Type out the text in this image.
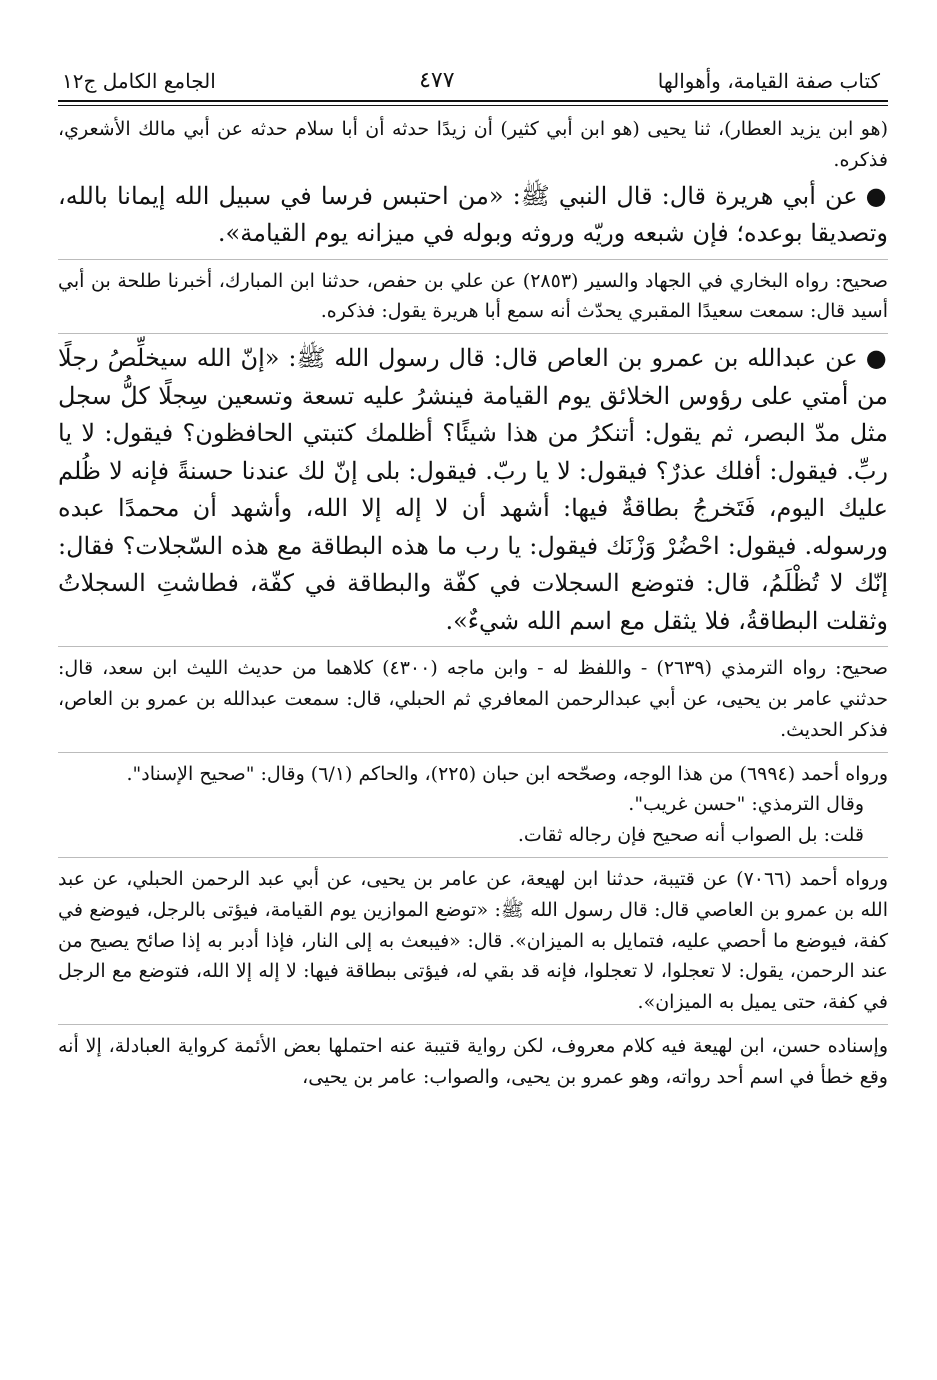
كتاب صفة القيامة، وأهوالها
٤٧٧
الجامع الكامل ج١٢

(هو ابن يزيد العطار)، ثنا يحيى (هو ابن أبي كثير) أن زيدًا حدثه أن أبا سلام حدثه عن أبي مالك الأشعري، فذكره.

●عن أبي هريرة قال: قال النبي ﷺ: «من احتبس فرسا في سبيل الله إيمانا بالله، وتصديقا بوعده؛ فإن شبعه وريّه وروثه وبوله في ميزانه يوم القيامة».

صحيح: رواه البخاري في الجهاد والسير (٢٨٥٣) عن علي بن حفص، حدثنا ابن المبارك، أخبرنا طلحة بن أبي أسيد قال: سمعت سعيدًا المقبري يحدّث أنه سمع أبا هريرة يقول: فذكره.

●عن عبدالله بن عمرو بن العاص قال: قال رسول الله ﷺ: «إنّ الله سيخلِّصُ رجلًا من أمتي على رؤوس الخلائق يوم القيامة فينشرُ عليه تسعة وتسعين سِجلًا كلُّ سجل مثل مدّ البصر، ثم يقول: أتنكرُ من هذا شيئًا؟ أظلمك كتبتي الحافظون؟ فيقول: لا يا ربِّ. فيقول: أفلك عذرٌ؟ فيقول: لا يا ربّ. فيقول: بلى إنّ لك عندنا حسنةً فإنه لا ظُلم عليك اليوم، فَتَخرجُ بطاقةٌ فيها: أشهد أن لا إله إلا الله، وأشهد أن محمدًا عبده ورسوله. فيقول: احْضُرْ وَزْنَك فيقول: يا رب ما هذه البطاقة مع هذه السّجلات؟ فقال: إنّك لا تُظْلَمُ، قال: فتوضع السجلات في كفّة والبطاقة في كفّة، فطاشتِ السجلاتُ وثقلت البطاقةُ، فلا يثقل مع اسم الله شيءٌ».

صحيح: رواه الترمذي (٢٦٣٩) - واللفظ له - وابن ماجه (٤٣٠٠) كلاهما من حديث الليث ابن سعد، قال: حدثني عامر بن يحيى، عن أبي عبدالرحمن المعافري ثم الحبلي، قال: سمعت عبدالله بن عمرو بن العاص، فذكر الحديث.

ورواه أحمد (٦٩٩٤) من هذا الوجه، وصحّحه ابن حبان (٢٢٥)، والحاكم (٦/١) وقال: "صحيح الإسناد".

وقال الترمذي: "حسن غريب".

قلت: بل الصواب أنه صحيح فإن رجاله ثقات.

ورواه أحمد (٧٠٦٦) عن قتيبة، حدثنا ابن لهيعة، عن عامر بن يحيى، عن أبي عبد الرحمن الحبلي، عن عبد الله بن عمرو بن العاصي قال: قال رسول الله ﷺ: «توضع الموازين يوم القيامة، فيؤتى بالرجل، فيوضع في كفة، فيوضع ما أحصي عليه، فتمايل به الميزان». قال: «فيبعث به إلى النار، فإذا أدبر به إذا صائح يصيح من عند الرحمن، يقول: لا تعجلوا، لا تعجلوا، فإنه قد بقي له، فيؤتى ببطاقة فيها: لا إله إلا الله، فتوضع مع الرجل في كفة، حتى يميل به الميزان».

وإسناده حسن، ابن لهيعة فيه كلام معروف، لكن رواية قتيبة عنه احتملها بعض الأئمة كرواية العبادلة، إلا أنه وقع خطأ في اسم أحد رواته، وهو عمرو بن يحيى، والصواب: عامر بن يحيى،
